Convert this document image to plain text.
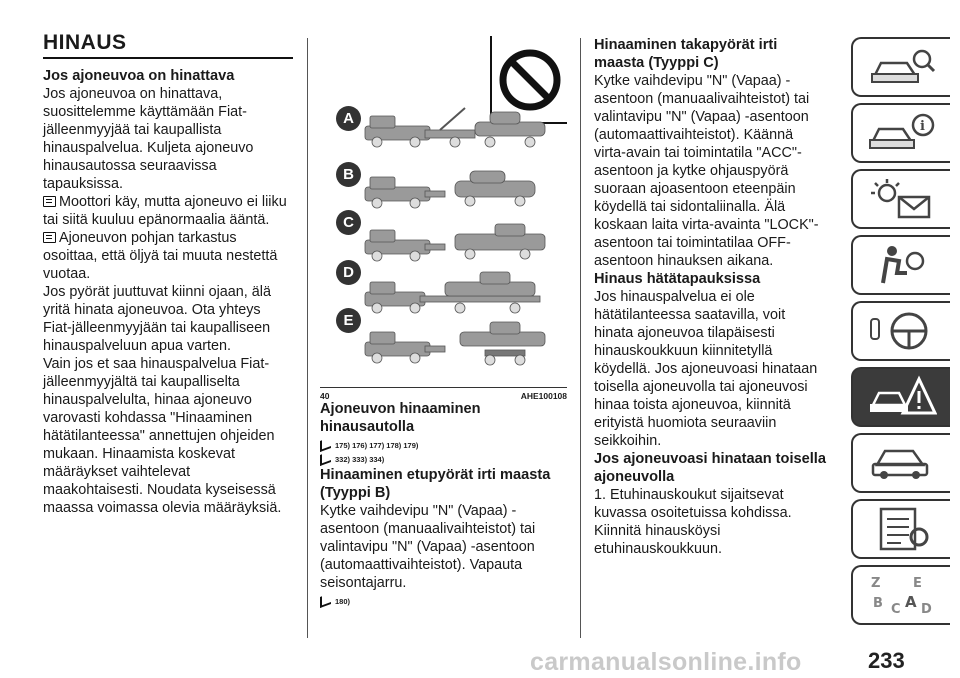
HINAUS
Jos ajoneuvoa on hinattava
Jos ajoneuvoa on hinattava, suosittelemme käyttämään Fiat-jälleenmyyjää tai kaupallista hinauspalvelua. Kuljeta ajoneuvo hinausautossa seuraavissa tapauksissa.
Moottori käy, mutta ajoneuvo ei liiku tai siitä kuuluu epänormaalia ääntä.
Ajoneuvon pohjan tarkastus osoittaa, että öljyä tai muuta nestettä vuotaa.
Jos pyörät juuttuvat kiinni ojaan, älä yritä hinata ajoneuvoa. Ota yhteys Fiat-jälleenmyyjään tai kaupalliseen hinauspalveluun apua varten.
Vain jos et saa hinauspalvelua Fiat-jälleenmyyjältä tai kaupalliselta hinauspalvelulta, hinaa ajoneuvo varovasti kohdassa "Hinaaminen hätätilanteessa" annettujen ohjeiden mukaan. Hinaamista koskevat määräykset vaihtelevat maakohtaisesti. Noudata kyseisessä maassa voimassa olevia määräyksiä.
A
B
C
D
E
40	AHE100108
Ajoneuvon hinaaminen hinausautolla
175) 176) 177) 178) 179)
332) 333) 334)
Hinaaminen etupyörät irti maasta (Tyyppi B)
Kytke vaihdevipu "N" (Vapaa) -asentoon (manuaalivaihteistot) tai valintavipu "N" (Vapaa) -asentoon (automaattivaihteistot). Vapauta seisontajarru.
180)
Hinaaminen takapyörät irti maasta (Tyyppi C)
Kytke vaihdevipu "N" (Vapaa) -asentoon (manuaalivaihteistot) tai valintavipu "N" (Vapaa) -asentoon (automaattivaihteistot). Käännä virta-avain tai toimintatila "ACC"-asentoon ja kytke ohjauspyörä suoraan ajoasentoon eteenpäin köydellä tai sidontaliinalla. Älä koskaan laita virta-avainta "LOCK"-asentoon tai toimintatilaa OFF-asentoon hinauksen aikana.
Hinaus hätätapauksissa
Jos hinauspalvelua ei ole hätätilanteessa saatavilla, voit hinata ajoneuvoa tilapäisesti hinauskoukkuun kiinnitetyllä köydellä. Jos ajoneuvoasi hinataan toisella ajoneuvolla tai ajoneuvosi hinaa toista ajoneuvoa, kiinnitä erityistä huomiota seuraaviin seikkoihin.
Jos ajoneuvoasi hinataan toisella ajoneuvolla
1. Etuhinauskoukut sijaitsevat kuvassa osoitetuissa kohdissa. Kiinnitä hinausköysi etuhinauskoukkuun.
i
Z	E
B C A D
carmanualsonline.info	233
